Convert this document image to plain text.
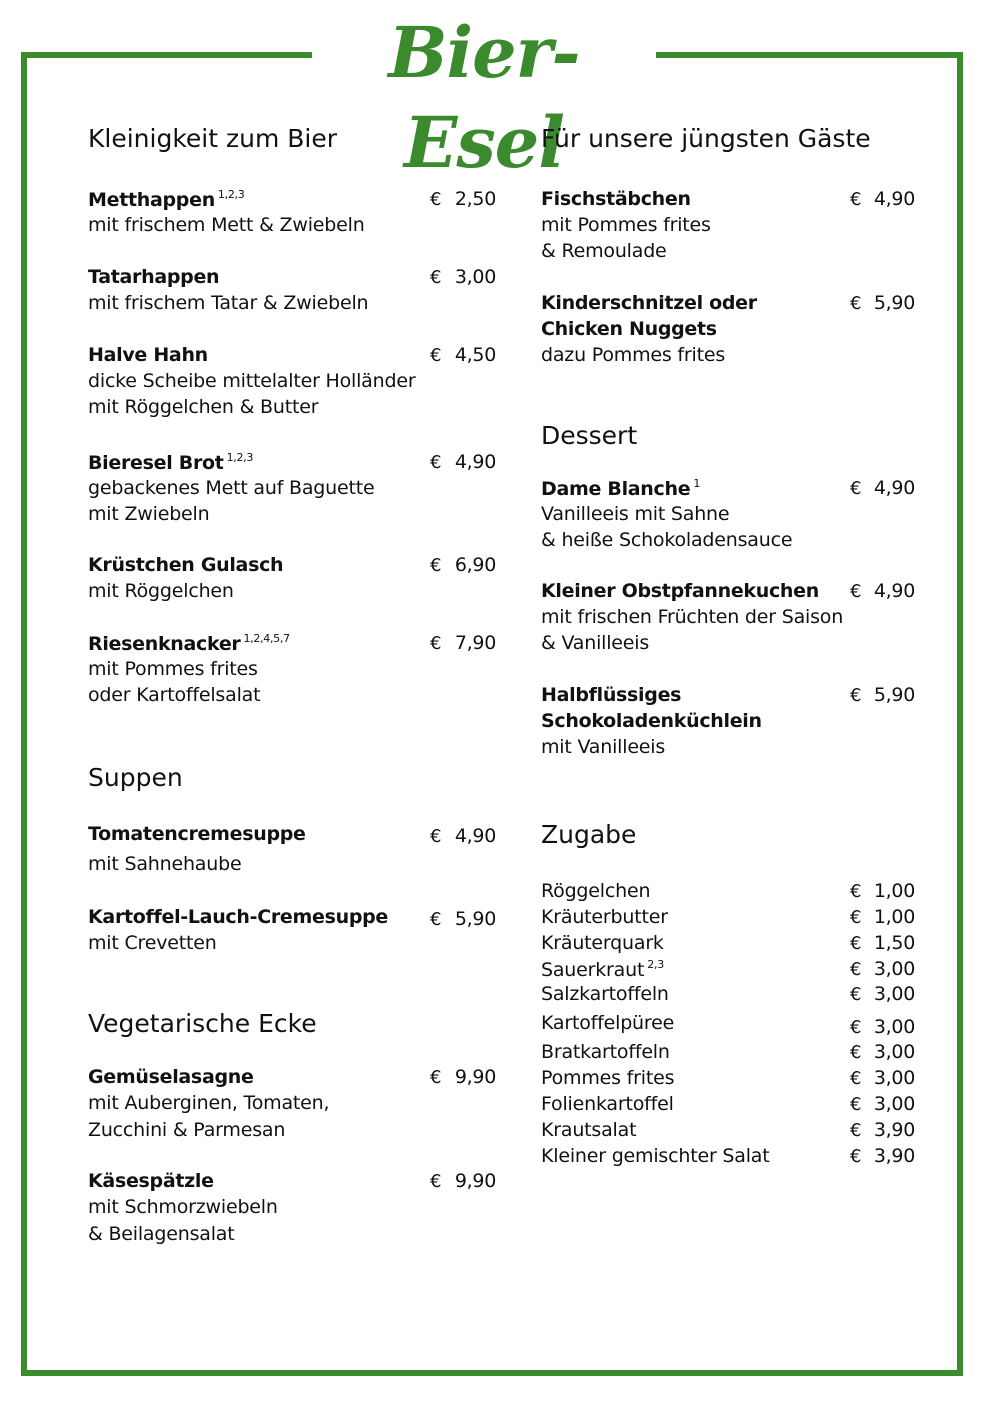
Bier-Esel
Kleinigkeit zum Bier
Metthappen $^{1,2,3}$
mit frischem Mett & Zwiebeln
€ 2,50
Tatarhappen
mit frischem Tatar & Zwiebeln
€ 3,00
Halve Hahn
dicke Scheibe mittelalter Holländer
mit Röggelchen & Butter
€ 4,50
Bieresel Brot $^{1,2,3}$
gebackenes Mett auf Baguette
mit Zwiebeln
€ 4,90
Krüstchen Gulasch
mit Röggelchen
€ 6,90
Riesenknacker $^{1,2,4,5,7}$
mit Pommes frites
oder Kartoffelsalat
€ 7,90
Suppen
Tomatencremesuppe
mit Sahnehaube
€ 4,90
Kartoffel-Lauch-Cremesuppe
mit Crevetten
€ 5,90
Vegetarische Ecke
Gemüselasagne
mit Auberginen, Tomaten,
Zucchini & Parmesan
€ 9,90
Käsespätzle
mit Schmorzwiebeln
& Beilagensalat
€ 9,90
Für unsere jüngsten Gäste
Fischstäbchen
mit Pommes frites
& Remoulade
€ 4,90
Kinderschnitzel oder
Chicken Nuggets
dazu Pommes frites
€ 5,90
Dessert
Dame Blanche $^1$
Vanilleeis mit Sahne
& heiße Schokoladensauce
€ 4,90
Kleiner Obstpfannekuchen
mit frischen Früchten der Saison
& Vanilleeis
€ 4,90
Halbflüssiges
Schokoladenküchlein
mit Vanilleeis
€ 5,90
Zugabe
Röggelchen	€ 1,00
Kräuterbutter	€ 1,00
Kräuterquark	€ 1,50
Sauerkraut $^{2,3}$	€ 3,00
Salzkartoffeln	€ 3,00
Kartoffelpüree	€ 3,00
Bratkartoffeln	€ 3,00
Pommes frites	€ 3,00
Folienkartoffel	€ 3,00
Krautsalat	€ 3,90
Kleiner gemischter Salat	€ 3,90
